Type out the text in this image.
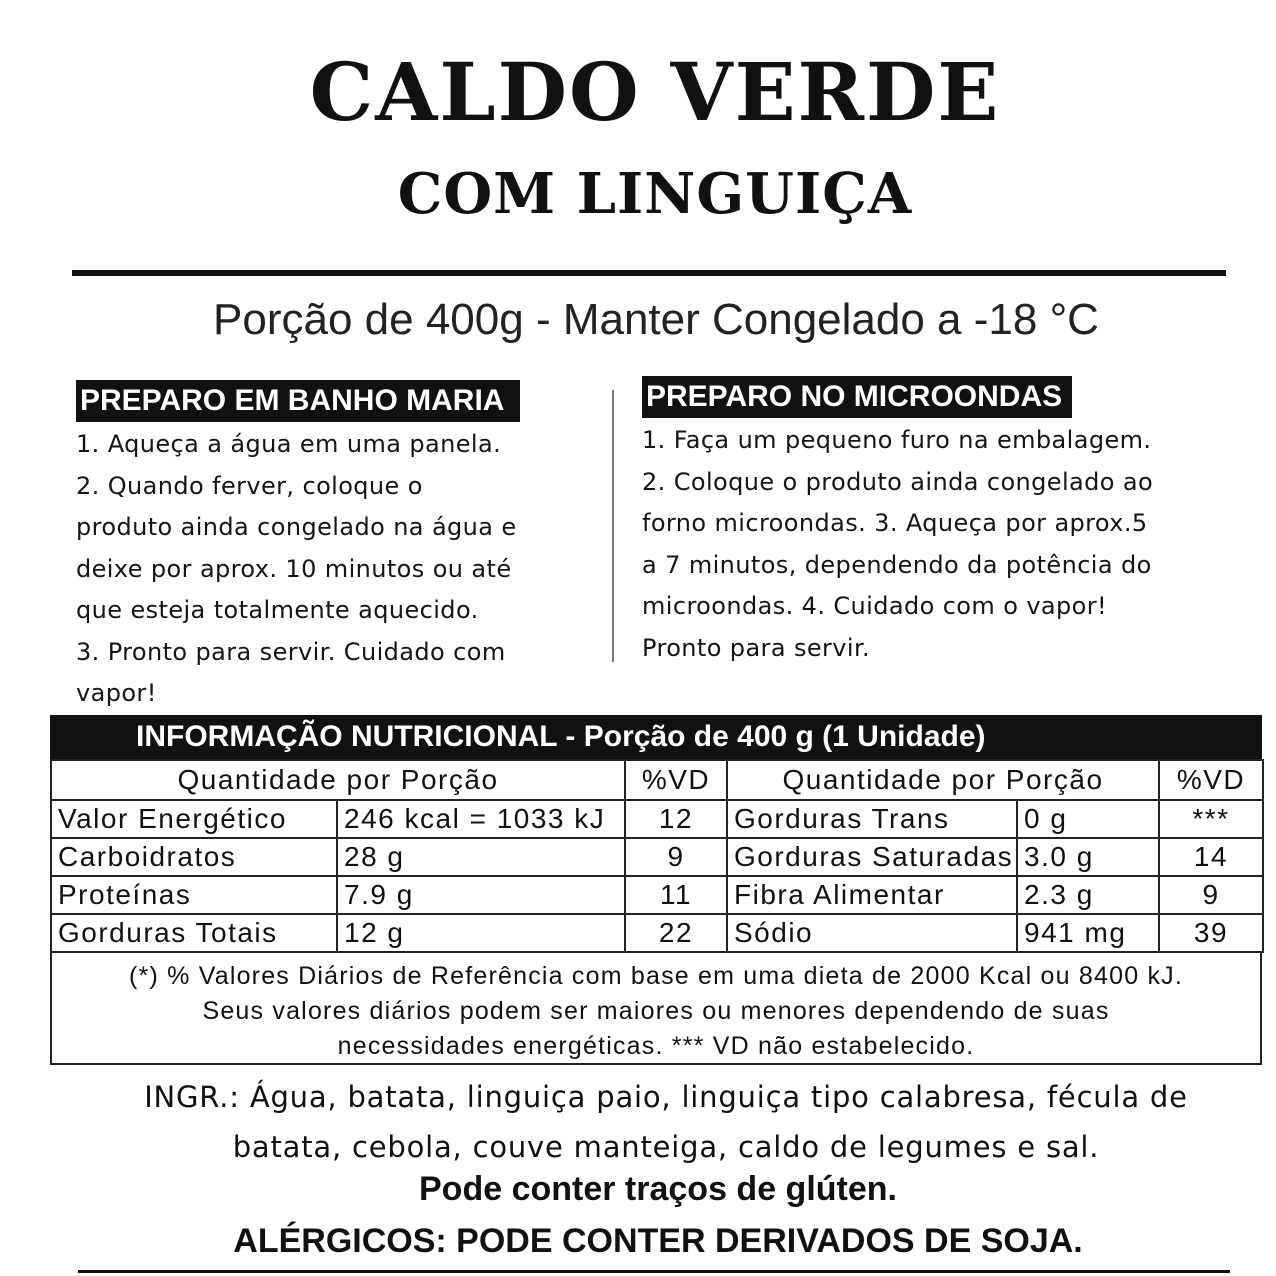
CALDO VERDE
COM LINGUIÇA
Porção de 400g - Manter Congelado a -18 °C
PREPARO EM BANHO MARIA

1. Aqueça a água em uma panela.

2. Quando ferver, coloque o

produto ainda congelado na água e

deixe por aprox. 10 minutos ou até

que esteja totalmente aquecido.

3. Pronto para servir. Cuidado com

vapor!

PREPARO NO MICROONDAS

1. Faça um pequeno furo na embalagem.

2. Coloque o produto ainda congelado ao

forno microondas. 3. Aqueça por aprox.5

a 7 minutos, dependendo da potência do

microondas. 4. Cuidado com o vapor!

Pronto para servir.

INFORMAÇÃO NUTRICIONAL - Porção de 400 g (1 Unidade)
Quantidade por Porção		%VD	Quantidade por Porção		%VD
Valor Energético	246 kcal = 1033 kJ	12	Gorduras Trans	0 g	***
Carboidratos	28 g	9	Gorduras Saturadas	3.0 g	14
Proteínas	7.9 g	11	Fibra Alimentar	2.3 g	9
Gorduras Totais	12 g	22	Sódio	941 mg	39

(*) % Valores Diários de Referência com base em uma dieta de 2000 Kcal ou 8400 kJ.

Seus valores diários podem ser maiores ou menores dependendo de suas

necessidades energéticas. *** VD não estabelecido.

INGR.: Água, batata, linguiça paio, linguiça tipo calabresa, fécula de
batata, cebola, couve manteiga, caldo de legumes e sal.
Pode conter traços de glúten.
ALÉRGICOS: PODE CONTER DERIVADOS DE SOJA.
